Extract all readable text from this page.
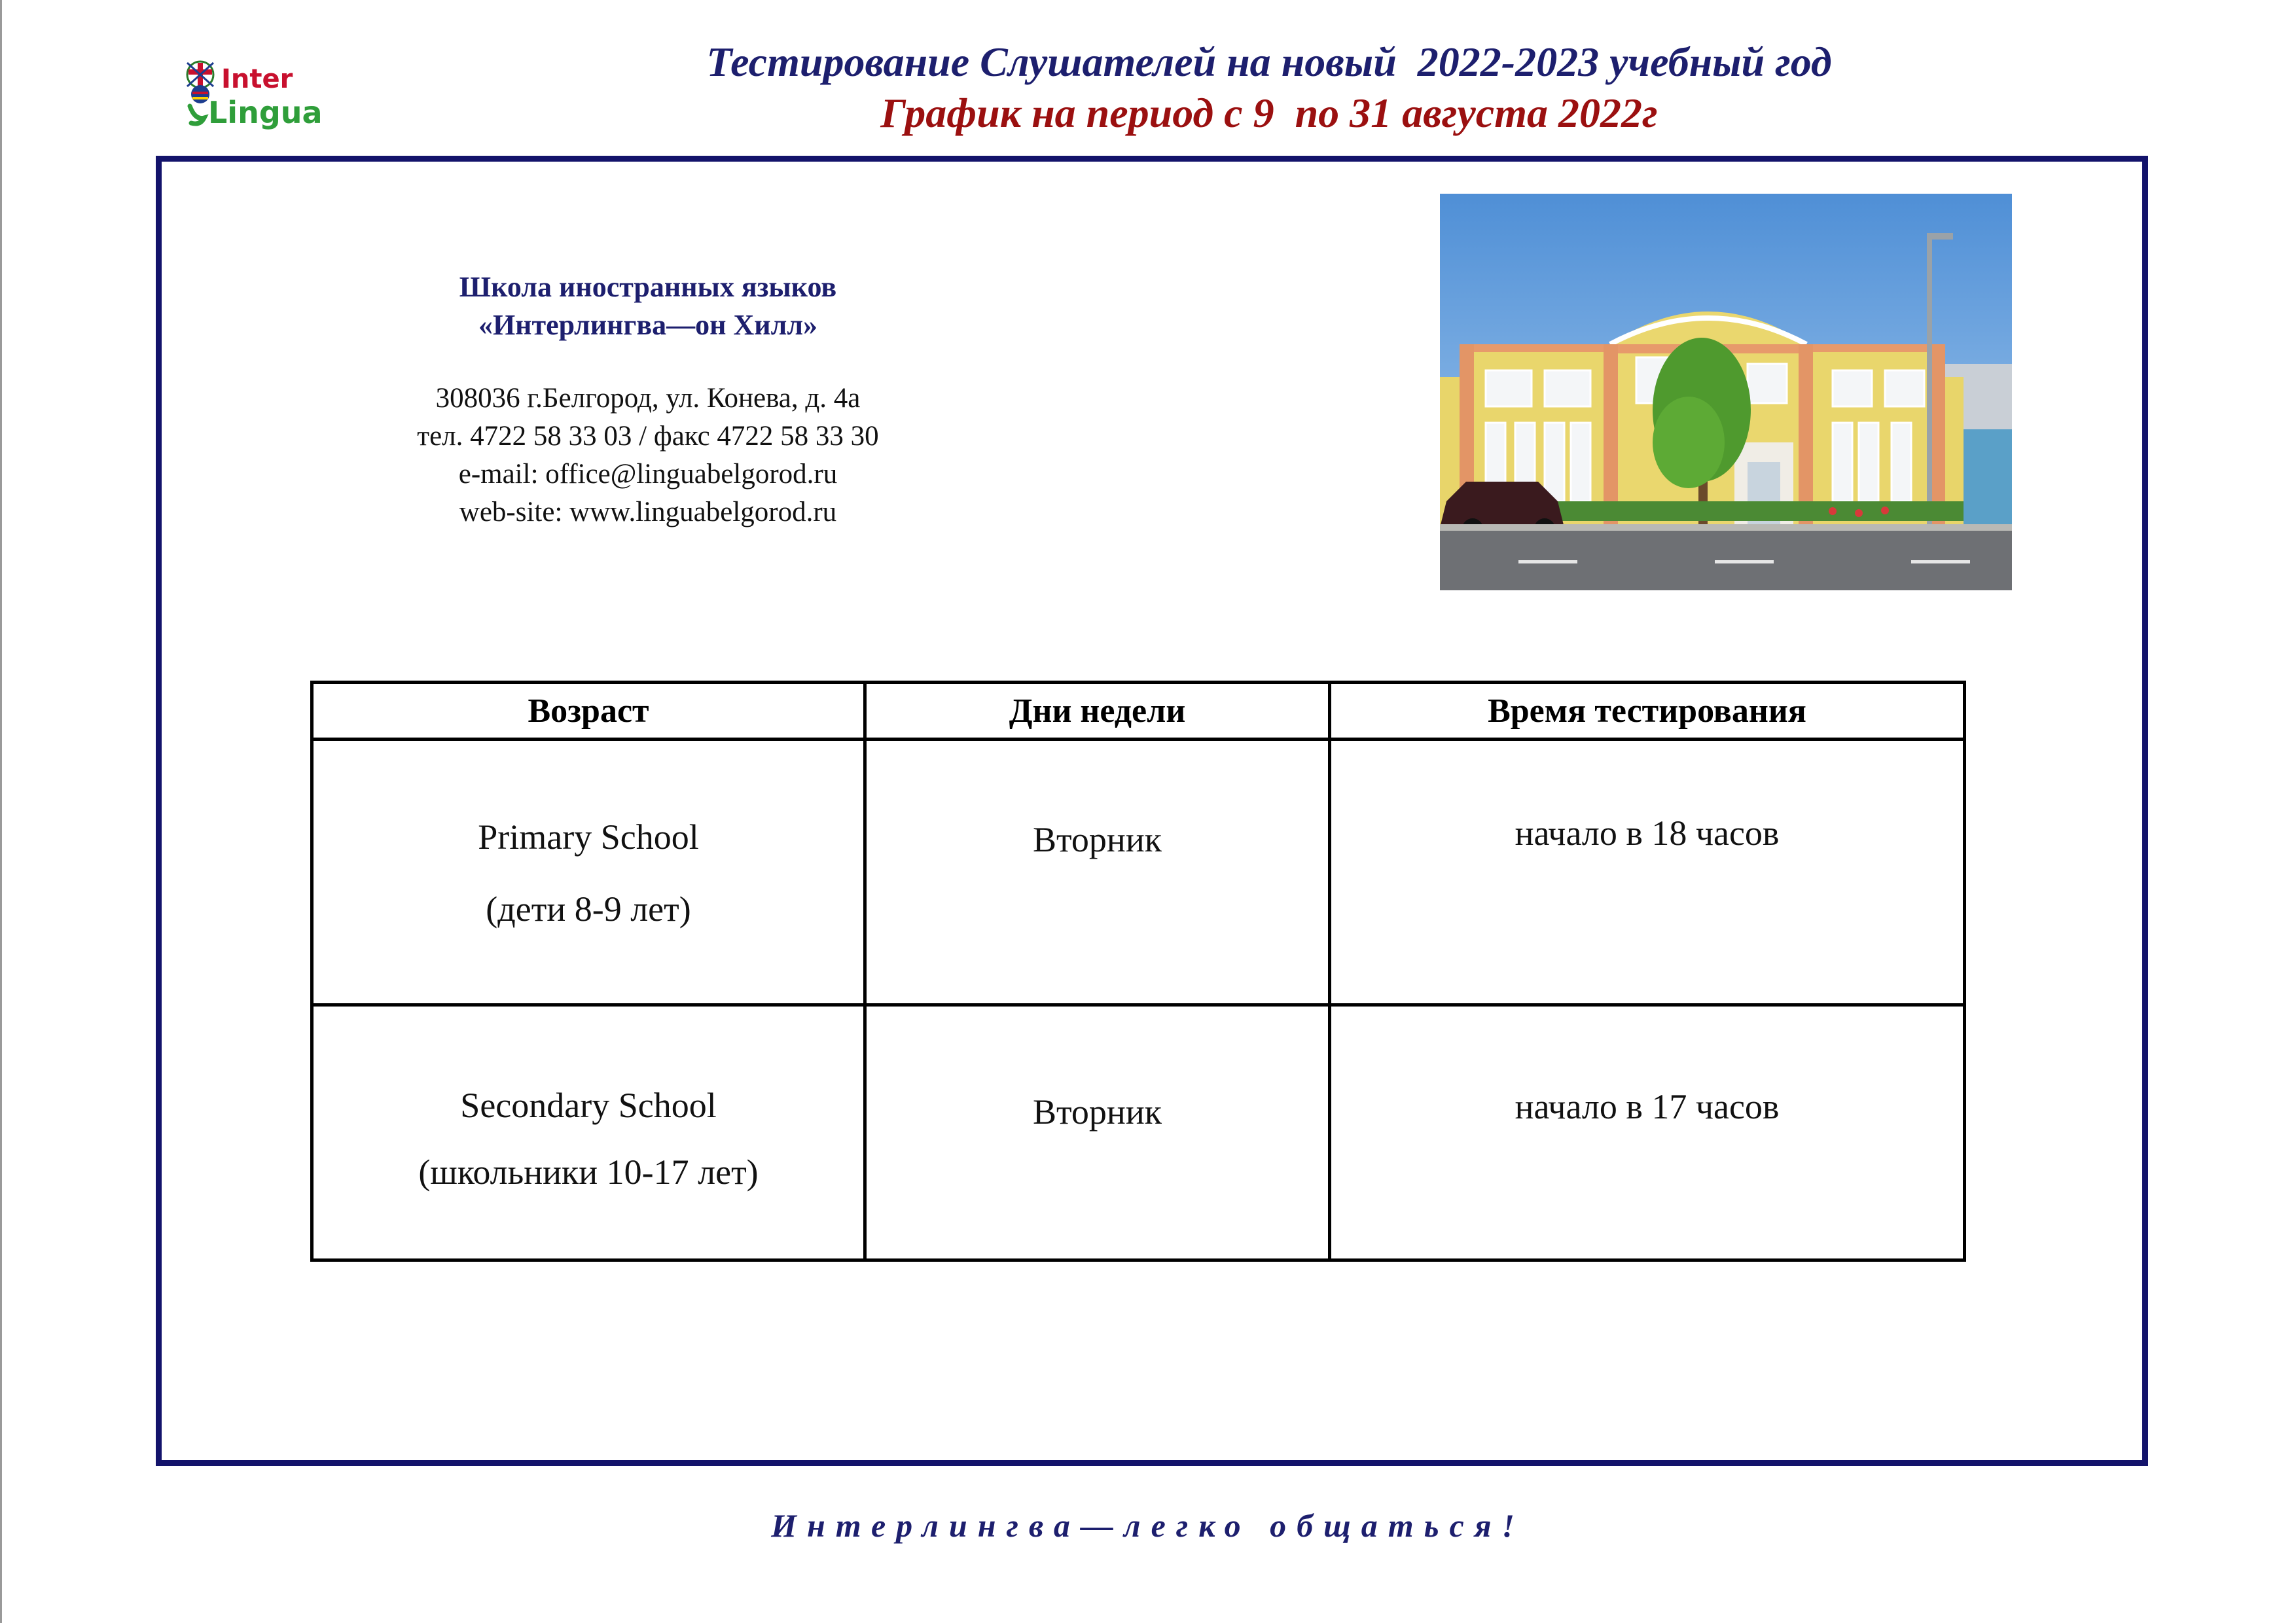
Inter
Lingua
Тестирование Слушателей на новый  2022-2023 учебный год
График на период с 9  по 31 августа 2022г
Школа иностранных языков
«Интерлингва—он Хилл»
308036 г.Белгород, ул. Конева, д. 4а
тел. 4722 58 33 03 / факс 4722 58 33 30
e-mail: office@linguabelgorod.ru
web-site: www.linguabelgorod.ru
Возраст	Дни недели	Время тестирования

Primary School
(дети 8-9 лет)	Вторник	начало в 18 часов

Secondary School
(школьники 10-17 лет)	Вторник	начало в 17 часов
Интерлингва—легко общаться!
